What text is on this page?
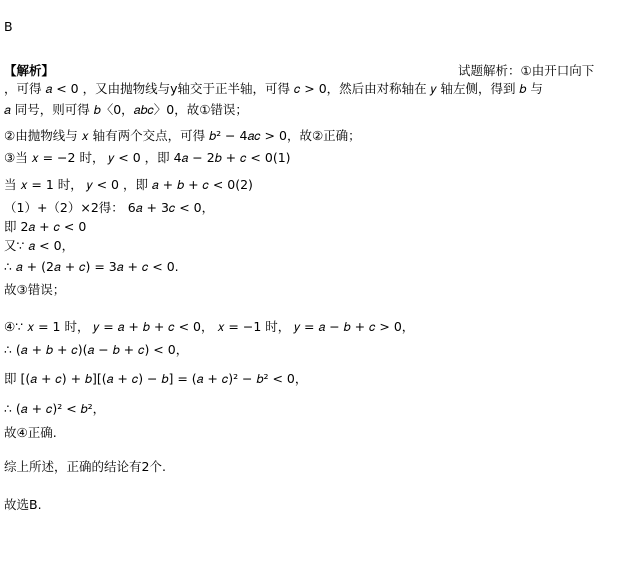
B
【解析】	试题解析：①由开口向下
，可得 𝑎 < 0 ，又由抛物线与y轴交于正半轴，可得 𝑐 > 0，然后由对称轴在 𝑦 轴左侧，得到 𝑏 与
𝑎 同号，则可得 𝑏〈0，𝑎𝑏𝑐〉0，故①错误；
②由抛物线与 𝑥 轴有两个交点，可得 𝑏² − 4𝑎𝑐 > 0，故②正确；
③当 𝑥 = −2 时， 𝑦 < 0 ，即 4𝑎 − 2𝑏 + 𝑐 < 0(1)
当 𝑥 = 1 时， 𝑦 < 0 ，即 𝑎 + 𝑏 + 𝑐 < 0(2)
（1）+（2）×2得： 6𝑎 + 3𝑐 < 0，
即 2𝑎 + 𝑐 < 0
又∵ 𝑎 < 0，
∴ 𝑎 + (2𝑎 + 𝑐) = 3𝑎 + 𝑐 < 0.
故③错误；
④∵ 𝑥 = 1 时， 𝑦 = 𝑎 + 𝑏 + 𝑐 < 0， 𝑥 = −1 时， 𝑦 = 𝑎 − 𝑏 + 𝑐 > 0，
∴ (𝑎 + 𝑏 + 𝑐)(𝑎 − 𝑏 + 𝑐) < 0，
即 [(𝑎 + 𝑐) + 𝑏][(𝑎 + 𝑐) − 𝑏] = (𝑎 + 𝑐)² − 𝑏² < 0，
∴ (𝑎 + 𝑐)² < 𝑏²，
故④正确.
综上所述，正确的结论有2个.
故选B.
